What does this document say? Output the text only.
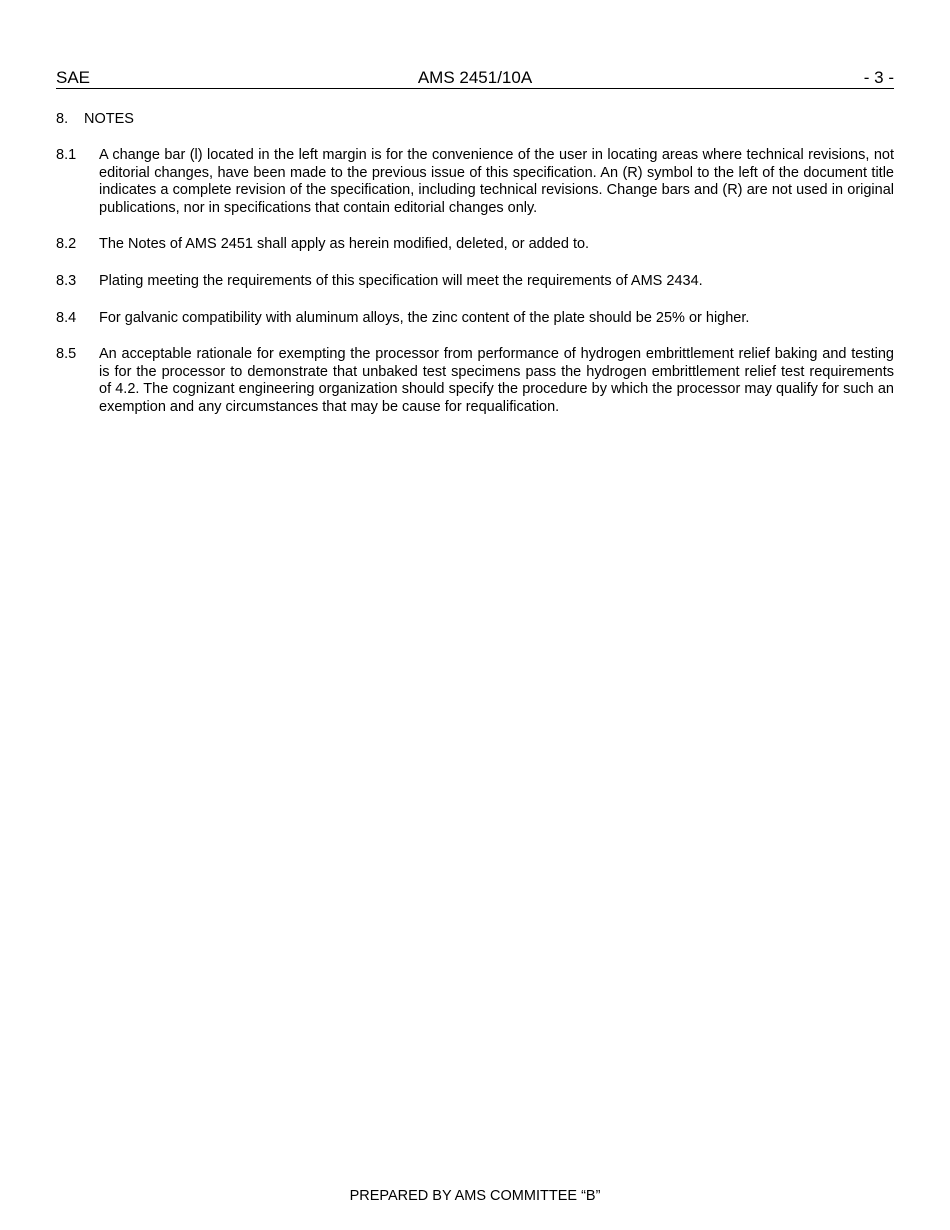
SAE	AMS 2451/10A	- 3 -
8. NOTES
8.1 A change bar (l) located in the left margin is for the convenience of the user in locating areas where technical revisions, not editorial changes, have been made to the previous issue of this specification. An (R) symbol to the left of the document title indicates a complete revision of the specification, including technical revisions. Change bars and (R) are not used in original publications, nor in specifications that contain editorial changes only.
8.2 The Notes of AMS 2451 shall apply as herein modified, deleted, or added to.
8.3 Plating meeting the requirements of this specification will meet the requirements of AMS 2434.
8.4 For galvanic compatibility with aluminum alloys, the zinc content of the plate should be 25% or higher.
8.5 An acceptable rationale for exempting the processor from performance of hydrogen embrittlement relief baking and testing is for the processor to demonstrate that unbaked test specimens pass the hydrogen embrittlement relief test requirements of 4.2. The cognizant engineering organization should specify the procedure by which the processor may qualify for such an exemption and any circumstances that may be cause for requalification.
PREPARED BY AMS COMMITTEE “B”
